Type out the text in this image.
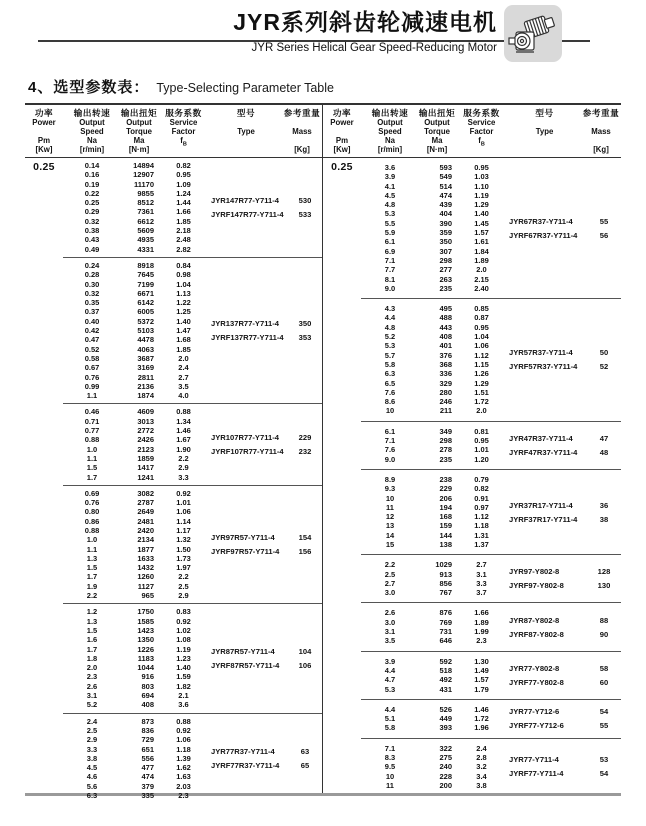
JYR系列斜齿轮减速电机
JYR Series Helical Gear Speed-Reducing Motor
4、选型参数表： Type-Selecting Parameter Table
功率
Power
Pm
[Kw]
输出转速
Output
Speed
Na
[r/min]
输出扭矩
Output
Torque
Ma
[N·m]
服务系数
Service
Factor
$f_B$
型号
Type
参考重量
Mass
[Kg]
0.25	0.14	14894	0.82
0.16	12907	0.95
0.19	11170	1.09
0.22	9855	1.24
0.25	8512	1.44
0.29	7361	1.66
0.32	6612	1.85
0.38	5609	2.18
0.43	4935	2.48
0.49	4331	2.82
JYR147R77-Y711-4	530
JYRF147R77-Y711-4	533
0.24	8918	0.84
0.28	7645	0.98
0.30	7199	1.04
0.32	6671	1.13
0.35	6142	1.22
0.37	6005	1.25
0.40	5372	1.40
0.42	5103	1.47
0.47	4478	1.68
0.52	4063	1.85
0.58	3687	2.0
0.67	3169	2.4
0.76	2811	2.7
0.99	2136	3.5
1.1	1874	4.0
JYR137R77-Y711-4	350
JYRF137R77-Y711-4	353
0.46	4609	0.88
0.71	3013	1.34
0.77	2772	1.46
0.88	2426	1.67
1.0	2123	1.90
1.1	1859	2.2
1.5	1417	2.9
1.7	1241	3.3
JYR107R77-Y711-4	229
JYRF107R77-Y711-4	232
0.69	3082	0.92
0.76	2787	1.01
0.80	2649	1.06
0.86	2481	1.14
0.88	2420	1.17
1.0	2134	1.32
1.1	1877	1.50
1.3	1633	1.73
1.5	1432	1.97
1.7	1260	2.2
1.9	1127	2.5
2.2	965	2.9
JYR97R57-Y711-4	154
JYRF97R57-Y711-4	156
1.2	1750	0.83
1.3	1585	0.92
1.5	1423	1.02
1.6	1350	1.08
1.7	1226	1.19
1.8	1183	1.23
2.0	1044	1.40
2.3	916	1.59
2.6	803	1.82
3.1	694	2.1
5.2	408	3.6
JYR87R57-Y711-4	104
JYRF87R57-Y711-4	106
2.4	873	0.88
2.5	836	0.92
2.9	729	1.06
3.3	651	1.18
3.8	556	1.39
4.5	477	1.62
4.6	474	1.63
5.6	379	2.03
6.3	335	2.3
JYR77R37-Y711-4	63
JYRF77R37-Y711-4	65
功率
Power
Pm
[Kw]
输出转速
Output
Speed
Na
[r/min]
输出扭矩
Output
Torque
Ma
[N·m]
服务系数
Service
Factor
$f_B$
型号
Type
参考重量
Mass
[Kg]
0.25	3.6	593	0.95
3.9	549	1.03
4.1	514	1.10
4.5	474	1.19
4.8	439	1.29
5.3	404	1.40
5.5	390	1.45
5.9	359	1.57
6.1	350	1.61
6.9	307	1.84
7.1	298	1.89
7.7	277	2.0
8.1	263	2.15
9.0	235	2.40
JYR67R37-Y711-4	55
JYRF67R37-Y711-4	56
4.3	495	0.85
4.4	488	0.87
4.8	443	0.95
5.2	408	1.04
5.3	401	1.06
5.7	376	1.12
5.8	368	1.15
6.3	336	1.26
6.5	329	1.29
7.6	280	1.51
8.6	246	1.72
10	211	2.0
JYR57R37-Y711-4	50
JYRF57R37-Y711-4	52
6.1	349	0.81
7.1	298	0.95
7.6	278	1.01
9.0	235	1.20
JYR47R37-Y711-4	47
JYRF47R37-Y711-4	48
8.9	238	0.79
9.3	229	0.82
10	206	0.91
11	194	0.97
12	168	1.12
13	159	1.18
14	144	1.31
15	138	1.37
JYR37R17-Y711-4	36
JYRF37R17-Y711-4	38
2.2	1029	2.7
2.5	913	3.1
2.7	856	3.3
3.0	767	3.7
JYR97-Y802-8	128
JYRF97-Y802-8	130
2.6	876	1.66
3.0	769	1.89
3.1	731	1.99
3.5	646	2.3
JYR87-Y802-8	88
JYRF87-Y802-8	90
3.9	592	1.30
4.4	518	1.49
4.7	492	1.57
5.3	431	1.79
JYR77-Y802-8	58
JYRF77-Y802-8	60
4.4	526	1.46
5.1	449	1.72
5.8	393	1.96
JYR77-Y712-6	54
JYRF77-Y712-6	55
7.1	322	2.4
8.3	275	2.8
9.5	240	3.2
10	228	3.4
11	200	3.8
JYR77-Y711-4	53
JYRF77-Y711-4	54
